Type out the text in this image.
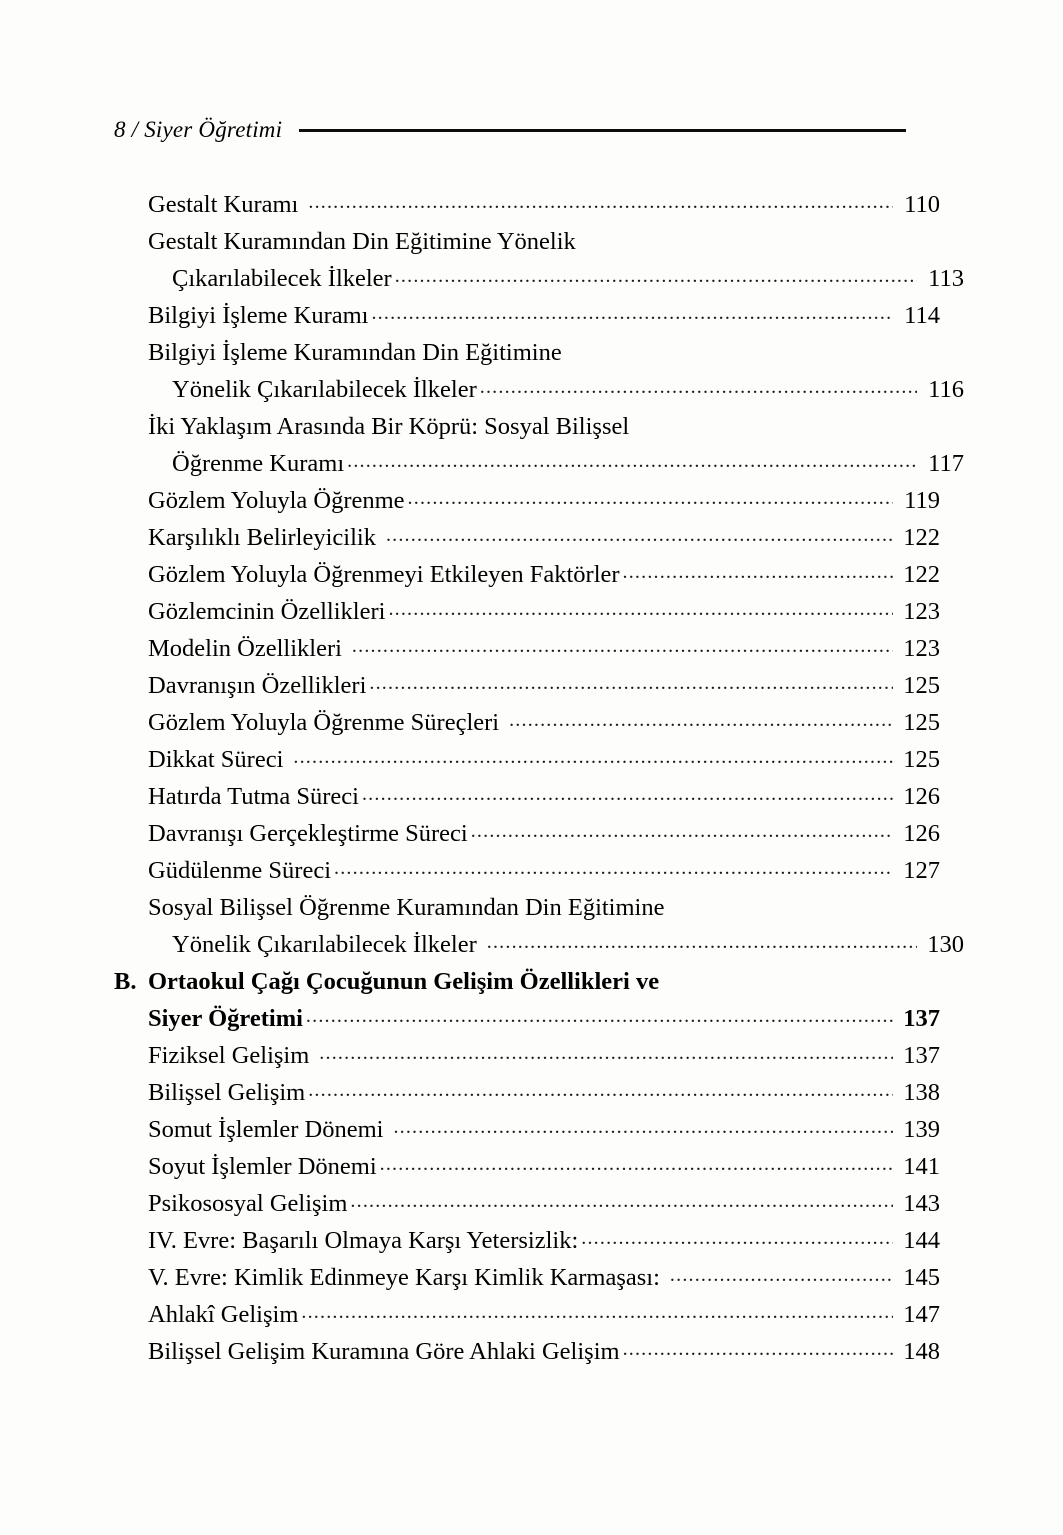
8 / Siyer Öğretimi
Gestalt Kuramı . . .	110
Gestalt Kuramından Din Eğitimine Yönelik
Çıkarılabilecek İlkeler . . .	113
Bilgiyi İşleme Kuramı . . .	114
Bilgiyi İşleme Kuramından Din Eğitimine
Yönelik Çıkarılabilecek İlkeler . . .	116
İki Yaklaşım Arasında Bir Köprü: Sosyal Bilişsel
Öğrenme Kuramı . . .	117
Gözlem Yoluyla Öğrenme . . .	119
Karşılıklı Belirleyicilik . . .	122
Gözlem Yoluyla Öğrenmeyi Etkileyen Faktörler . . .	122
Gözlemcinin Özellikleri . . .	123
Modelin Özellikleri . . .	123
Davranışın Özellikleri . . .	125
Gözlem Yoluyla Öğrenme Süreçleri . . .	125
Dikkat Süreci . . .	125
Hatırda Tutma Süreci . . .	126
Davranışı Gerçekleştirme Süreci . . .	126
Güdülenme Süreci . . .	127
Sosyal Bilişsel Öğrenme Kuramından Din Eğitimine
Yönelik Çıkarılabilecek İlkeler . . .	130
B. Ortaokul Çağı Çocuğunun Gelişim Özellikleri ve
Siyer Öğretimi . . .	137
Fiziksel Gelişim . . .	137
Bilişsel Gelişim . . .	138
Somut İşlemler Dönemi . . .	139
Soyut İşlemler Dönemi . . .	141
Psikososyal Gelişim . . .	143
IV. Evre: Başarılı Olmaya Karşı Yetersizlik: . . .	144
V. Evre: Kimlik Edinmeye Karşı Kimlik Karmaşası: . . .	145
Ahlakî Gelişim . . .	147
Bilişsel Gelişim Kuramına Göre Ahlaki Gelişim . . .	148
